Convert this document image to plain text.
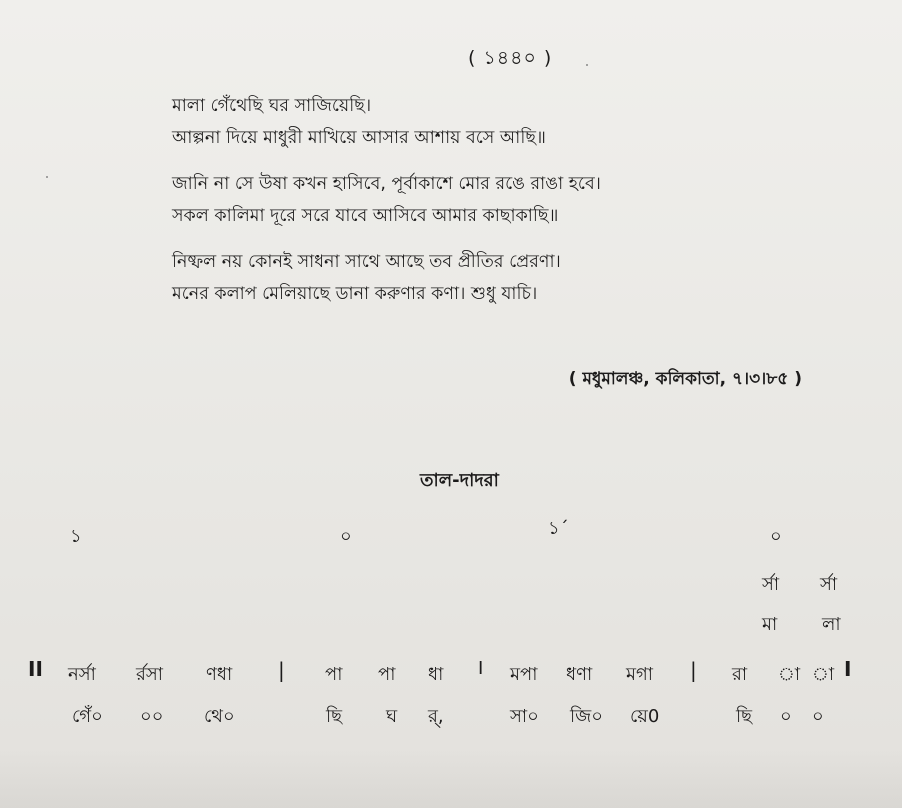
( ১৪৪০ )
মালা গেঁথেছি ঘর সাজিয়েছি।
আল্পনা দিয়ে মাধুরী মাখিয়ে আসার আশায় বসে আছি॥
জানি না সে উষা কখন হাসিবে, পূর্বাকাশে মোর রঙে রাঙা হবে।
সকল কালিমা দূরে সরে যাবে আসিবে আমার কাছাকাছি॥
নিষ্ফল নয় কোনই সাধনা সাথে আছে তব প্রীতির প্রেরণা।
মনের কলাপ মেলিয়াছে ডানা করুণার কণা। শুধু যাচি।
( মধুমালঞ্চ, কলিকাতা, ৭।৩।৮৫ )
তাল-দাদরা
১	০	১´	০
র্সা র্সা
মা লা
II নর্সা র্রসা ণধা | পা পা ধা I মপা ধণা মগা | রা া া I
গেঁ০ ০০ থে০	ছি ঘ র্,	সা০ জি০ য়ে0	ছি ০ ০
